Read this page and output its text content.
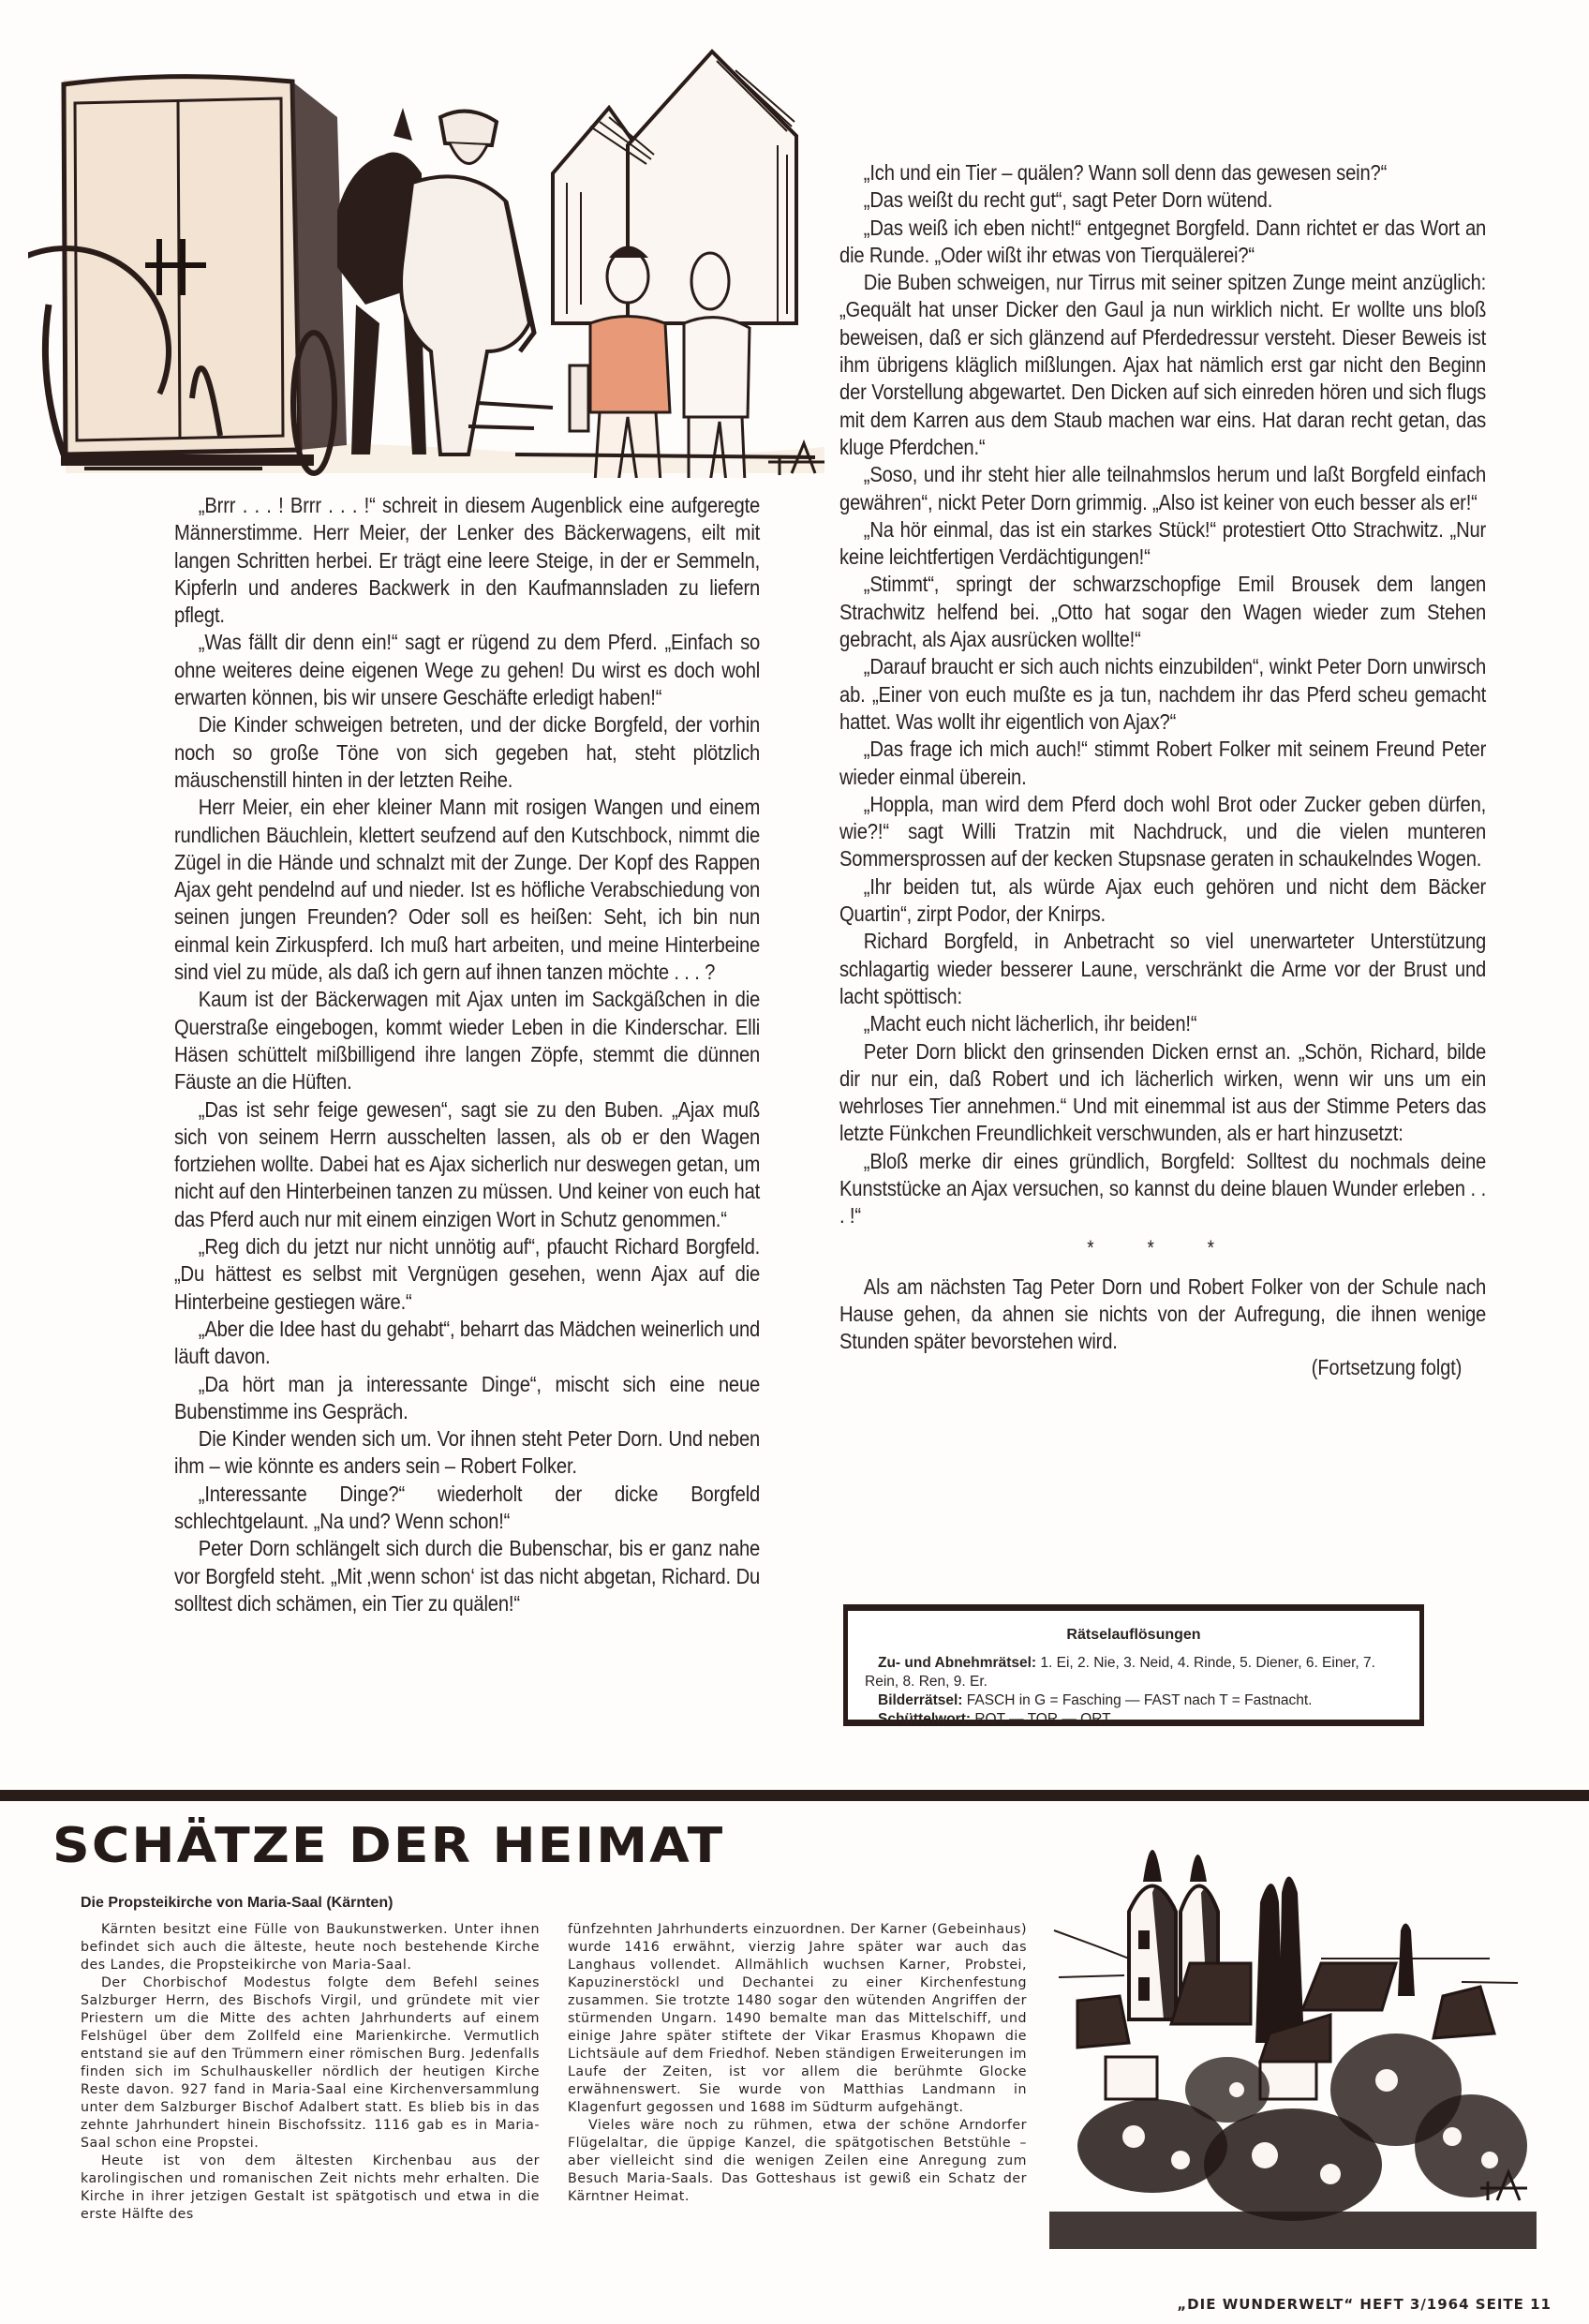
„Brrr . . . ! Brrr . . . !“ schreit in diesem Augenblick eine aufgeregte Männerstimme. Herr Meier, der Lenker des Bäckerwagens, eilt mit langen Schritten herbei. Er trägt eine leere Steige, in der er Semmeln, Kipferln und anderes Backwerk in den Kaufmannsladen zu liefern pflegt.

„Was fällt dir denn ein!“ sagt er rügend zu dem Pferd. „Einfach so ohne weiteres deine eigenen Wege zu gehen! Du wirst es doch wohl erwarten können, bis wir unsere Geschäfte erledigt haben!“

Die Kinder schweigen betreten, und der dicke Borgfeld, der vorhin noch so große Töne von sich gegeben hat, steht plötzlich mäuschenstill hinten in der letzten Reihe.

Herr Meier, ein eher kleiner Mann mit rosigen Wangen und einem rundlichen Bäuchlein, klettert seufzend auf den Kutschbock, nimmt die Zügel in die Hände und schnalzt mit der Zunge. Der Kopf des Rappen Ajax geht pendelnd auf und nieder. Ist es höfliche Verabschiedung von seinen jungen Freunden? Oder soll es heißen: Seht, ich bin nun einmal kein Zirkuspferd. Ich muß hart arbeiten, und meine Hinterbeine sind viel zu müde, als daß ich gern auf ihnen tanzen möchte . . . ?

Kaum ist der Bäckerwagen mit Ajax unten im Sackgäßchen in die Querstraße eingebogen, kommt wieder Leben in die Kinderschar. Elli Häsen schüttelt mißbilligend ihre langen Zöpfe, stemmt die dünnen Fäuste an die Hüften.

„Das ist sehr feige gewesen“, sagt sie zu den Buben. „Ajax muß sich von seinem Herrn ausschelten lassen, als ob er den Wagen fortziehen wollte. Dabei hat es Ajax sicherlich nur deswegen getan, um nicht auf den Hinterbeinen tanzen zu müssen. Und keiner von euch hat das Pferd auch nur mit einem einzigen Wort in Schutz genommen.“

„Reg dich du jetzt nur nicht unnötig auf“, pfaucht Richard Borgfeld. „Du hättest es selbst mit Vergnügen gesehen, wenn Ajax auf die Hinterbeine gestiegen wäre.“

„Aber die Idee hast du gehabt“, beharrt das Mädchen weinerlich und läuft davon.

„Da hört man ja interessante Dinge“, mischt sich eine neue Bubenstimme ins Gespräch.

Die Kinder wenden sich um. Vor ihnen steht Peter Dorn. Und neben ihm – wie könnte es anders sein – Robert Folker.

„Interessante Dinge?“ wiederholt der dicke Borgfeld schlechtgelaunt. „Na und? Wenn schon!“

Peter Dorn schlängelt sich durch die Bubenschar, bis er ganz nahe vor Borgfeld steht. „Mit ‚wenn schon‘ ist das nicht abgetan, Richard. Du solltest dich schämen, ein Tier zu quälen!“

„Ich und ein Tier – quälen? Wann soll denn das gewesen sein?“

„Das weißt du recht gut“, sagt Peter Dorn wütend.

„Das weiß ich eben nicht!“ entgegnet Borgfeld. Dann richtet er das Wort an die Runde. „Oder wißt ihr etwas von Tierquälerei?“

Die Buben schweigen, nur Tirrus mit seiner spitzen Zunge meint anzüglich: „Gequält hat unser Dicker den Gaul ja nun wirklich nicht. Er wollte uns bloß beweisen, daß er sich glänzend auf Pferdedressur versteht. Dieser Beweis ist ihm übrigens kläglich mißlungen. Ajax hat nämlich erst gar nicht den Beginn der Vorstellung abgewartet. Den Dicken auf sich einreden hören und sich flugs mit dem Karren aus dem Staub machen war eins. Hat daran recht getan, das kluge Pferdchen.“

„Soso, und ihr steht hier alle teilnahmslos herum und laßt Borgfeld einfach gewähren“, nickt Peter Dorn grimmig. „Also ist keiner von euch besser als er!“

„Na hör einmal, das ist ein starkes Stück!“ protestiert Otto Strachwitz. „Nur keine leichtfertigen Verdächtigungen!“

„Stimmt“, springt der schwarzschopfige Emil Brousek dem langen Strachwitz helfend bei. „Otto hat sogar den Wagen wieder zum Stehen gebracht, als Ajax ausrücken wollte!“

„Darauf braucht er sich auch nichts einzubilden“, winkt Peter Dorn unwirsch ab. „Einer von euch mußte es ja tun, nachdem ihr das Pferd scheu gemacht hattet. Was wollt ihr eigentlich von Ajax?“

„Das frage ich mich auch!“ stimmt Robert Folker mit seinem Freund Peter wieder einmal überein.

„Hoppla, man wird dem Pferd doch wohl Brot oder Zucker geben dürfen, wie?!“ sagt Willi Tratzin mit Nachdruck, und die vielen munteren Sommersprossen auf der kecken Stupsnase geraten in schaukelndes Wogen.

„Ihr beiden tut, als würde Ajax euch gehören und nicht dem Bäcker Quartin“, zirpt Podor, der Knirps.

Richard Borgfeld, in Anbetracht so viel unerwarteter Unterstützung schlagartig wieder besserer Laune, verschränkt die Arme vor der Brust und lacht spöttisch:

„Macht euch nicht lächerlich, ihr beiden!“

Peter Dorn blickt den grinsenden Dicken ernst an. „Schön, Richard, bilde dir nur ein, daß Robert und ich lächerlich wirken, wenn wir uns um ein wehrloses Tier annehmen.“ Und mit einemmal ist aus der Stimme Peters das letzte Fünkchen Freundlichkeit verschwunden, als er hart hinzusetzt:

„Bloß merke dir eines gründlich, Borgfeld: Solltest du nochmals deine Kunststücke an Ajax versuchen, so kannst du deine blauen Wunder erleben . . . !“

* * *

Als am nächsten Tag Peter Dorn und Robert Folker von der Schule nach Hause gehen, da ahnen sie nichts von der Aufregung, die ihnen wenige Stunden später bevorstehen wird.

(Fortsetzung folgt)
Rätselauflösungen

Zu- und Abnehmrätsel: 1. Ei, 2. Nie, 3. Neid, 4. Rinde, 5. Diener, 6. Einer, 7. Rein, 8. Ren, 9. Er.

Bilderrätsel: FASCH in G = Fasching — FAST nach T = Fastnacht.

Schüttelwort: ROT — TOR — ORT.

SCHÄTZE DER HEIMAT
Die Propsteikirche von Maria-Saal (Kärnten)

Kärnten besitzt eine Fülle von Baukunstwerken. Unter ihnen befindet sich auch die älteste, heute noch bestehende Kirche des Landes, die Propsteikirche von Maria-Saal.

Der Chorbischof Modestus folgte dem Befehl seines Salzburger Herrn, des Bischofs Virgil, und gründete mit vier Priestern um die Mitte des achten Jahrhunderts auf einem Felshügel über dem Zollfeld eine Marienkirche. Vermutlich entstand sie auf den Trümmern einer römischen Burg. Jedenfalls finden sich im Schulhauskeller nördlich der heutigen Kirche Reste davon. 927 fand in Maria-Saal eine Kirchenversammlung unter dem Salzburger Bischof Adalbert statt. Es blieb bis in das zehnte Jahrhundert hinein Bischofssitz. 1116 gab es in Maria-Saal schon eine Propstei.

Heute ist von dem ältesten Kirchenbau aus der karolingischen und romanischen Zeit nichts mehr erhalten. Die Kirche in ihrer jetzigen Gestalt ist spätgotisch und etwa in die erste Hälfte des

fünfzehnten Jahrhunderts einzuordnen. Der Karner (Gebeinhaus) wurde 1416 erwähnt, vierzig Jahre später war auch das Langhaus vollendet. Allmählich wuchsen Karner, Probstei, Kapuzinerstöckl und Dechantei zu einer Kirchenfestung zusammen. Sie trotzte 1480 sogar den wütenden Angriffen der stürmenden Ungarn. 1490 bemalte man das Mittelschiff, und einige Jahre später stiftete der Vikar Erasmus Khopawn die Lichtsäule auf dem Friedhof. Neben ständigen Erweiterungen im Laufe der Zeiten, ist vor allem die berühmte Glocke erwähnenswert. Sie wurde von Matthias Landmann in Klagenfurt gegossen und 1688 im Südturm aufgehängt.

Vieles wäre noch zu rühmen, etwa der schöne Arndorfer Flügelaltar, die üppige Kanzel, die spätgotischen Betstühle – aber vielleicht sind die wenigen Zeilen eine Anregung zum Besuch Maria-Saals. Das Gotteshaus ist gewiß ein Schatz der Kärntner Heimat.

„DIE WUNDERWELT“ HEFT 3/1964 SEITE 11
